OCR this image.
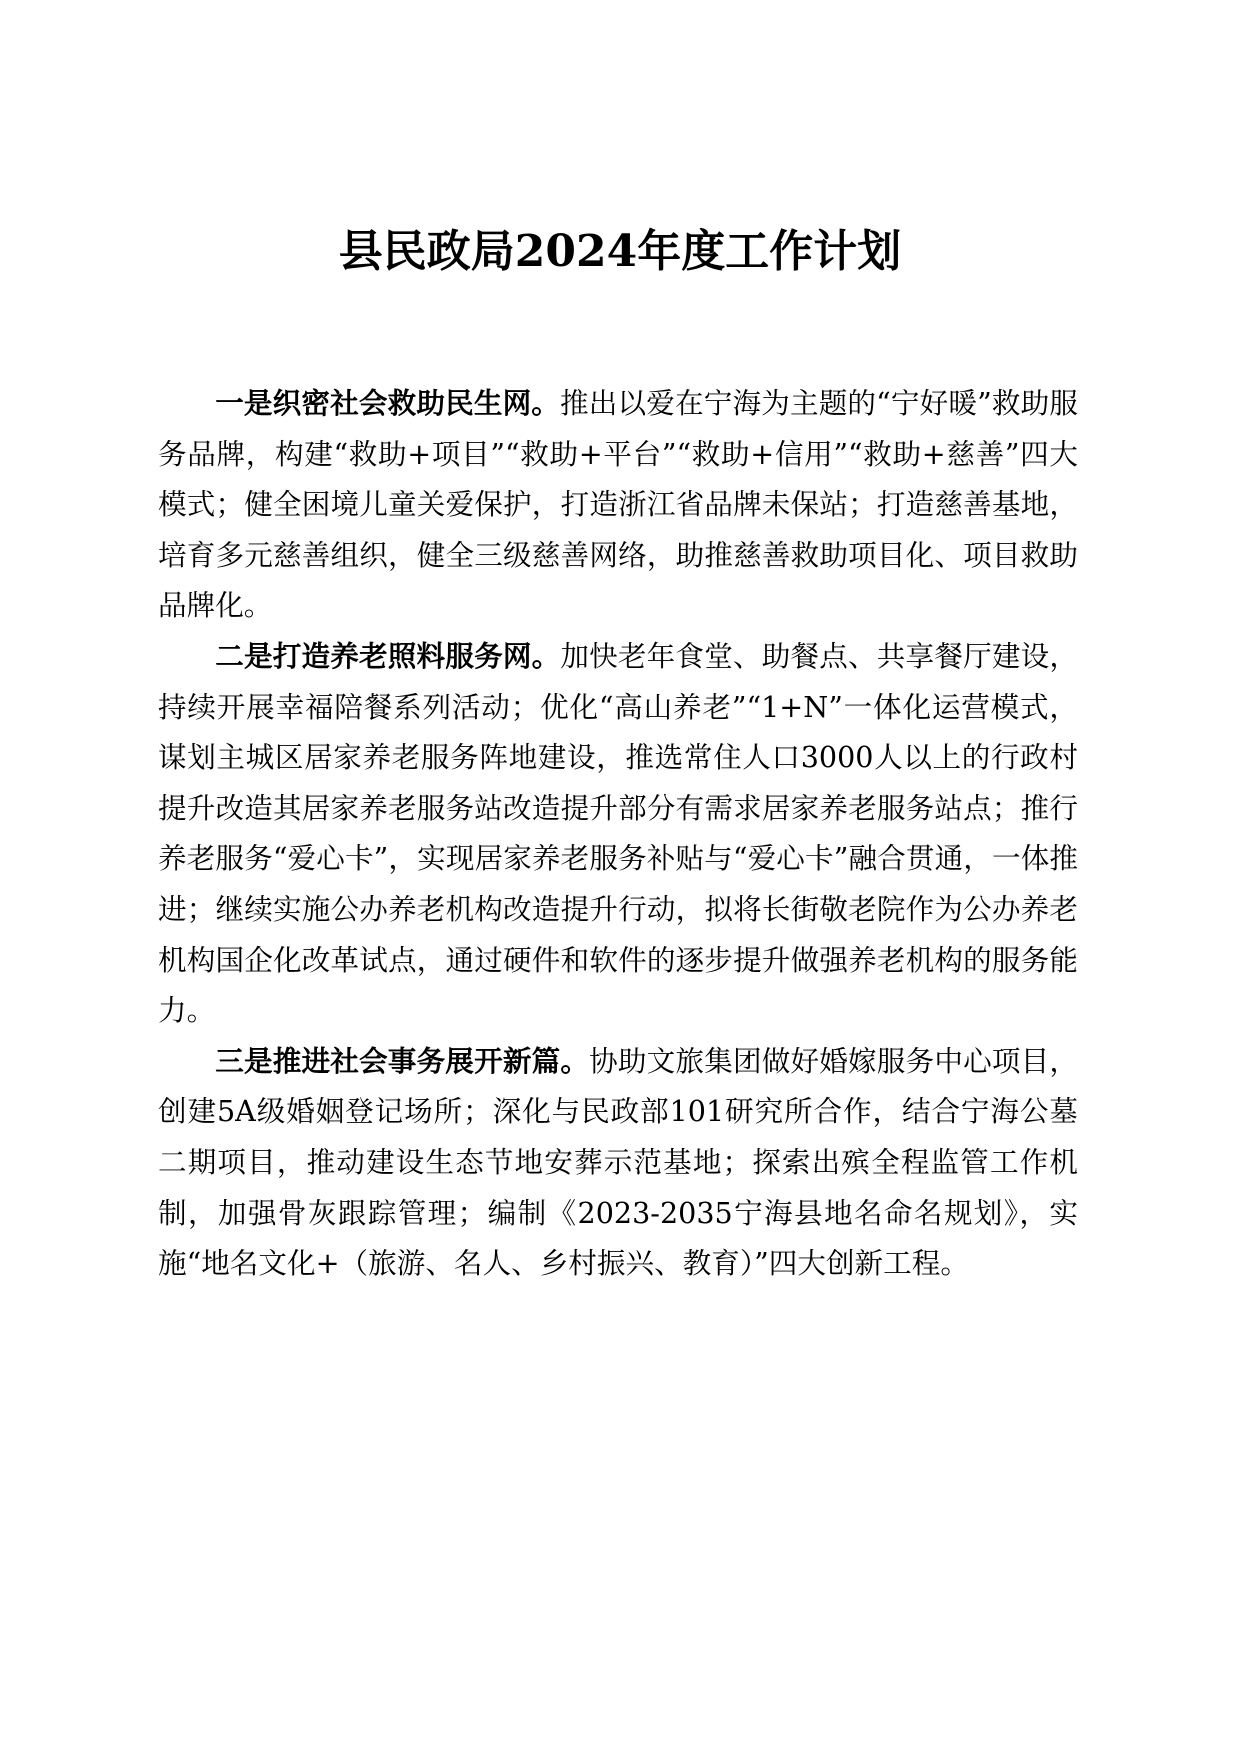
县民政局2024年度工作计划

一是织密社会救助民生网。推出以爱在宁海为主题的“宁好暖”救助服务品牌，构建“救助+项目”“救助+平台”“救助+信用”“救助+慈善”四大模式；健全困境儿童关爱保护，打造浙江省品牌未保站；打造慈善基地，培育多元慈善组织，健全三级慈善网络，助推慈善救助项目化、项目救助品牌化。

二是打造养老照料服务网。加快老年食堂、助餐点、共享餐厅建设，持续开展幸福陪餐系列活动；优化“高山养老”“1+N”一体化运营模式，谋划主城区居家养老服务阵地建设，推选常住人口3000人以上的行政村提升改造其居家养老服务站改造提升部分有需求居家养老服务站点；推行养老服务“爱心卡”，实现居家养老服务补贴与“爱心卡”融合贯通，一体推进；继续实施公办养老机构改造提升行动，拟将长街敬老院作为公办养老机构国企化改革试点，通过硬件和软件的逐步提升做强养老机构的服务能力。

三是推进社会事务展开新篇。协助文旅集团做好婚嫁服务中心项目，创建5A级婚姻登记场所；深化与民政部101研究所合作，结合宁海公墓二期项目，推动建设生态节地安葬示范基地；探索出殡全程监管工作机制，加强骨灰跟踪管理；编制《2023-2035宁海县地名命名规划》，实施“地名文化+（旅游、名人、乡村振兴、教育）”四大创新工程。
